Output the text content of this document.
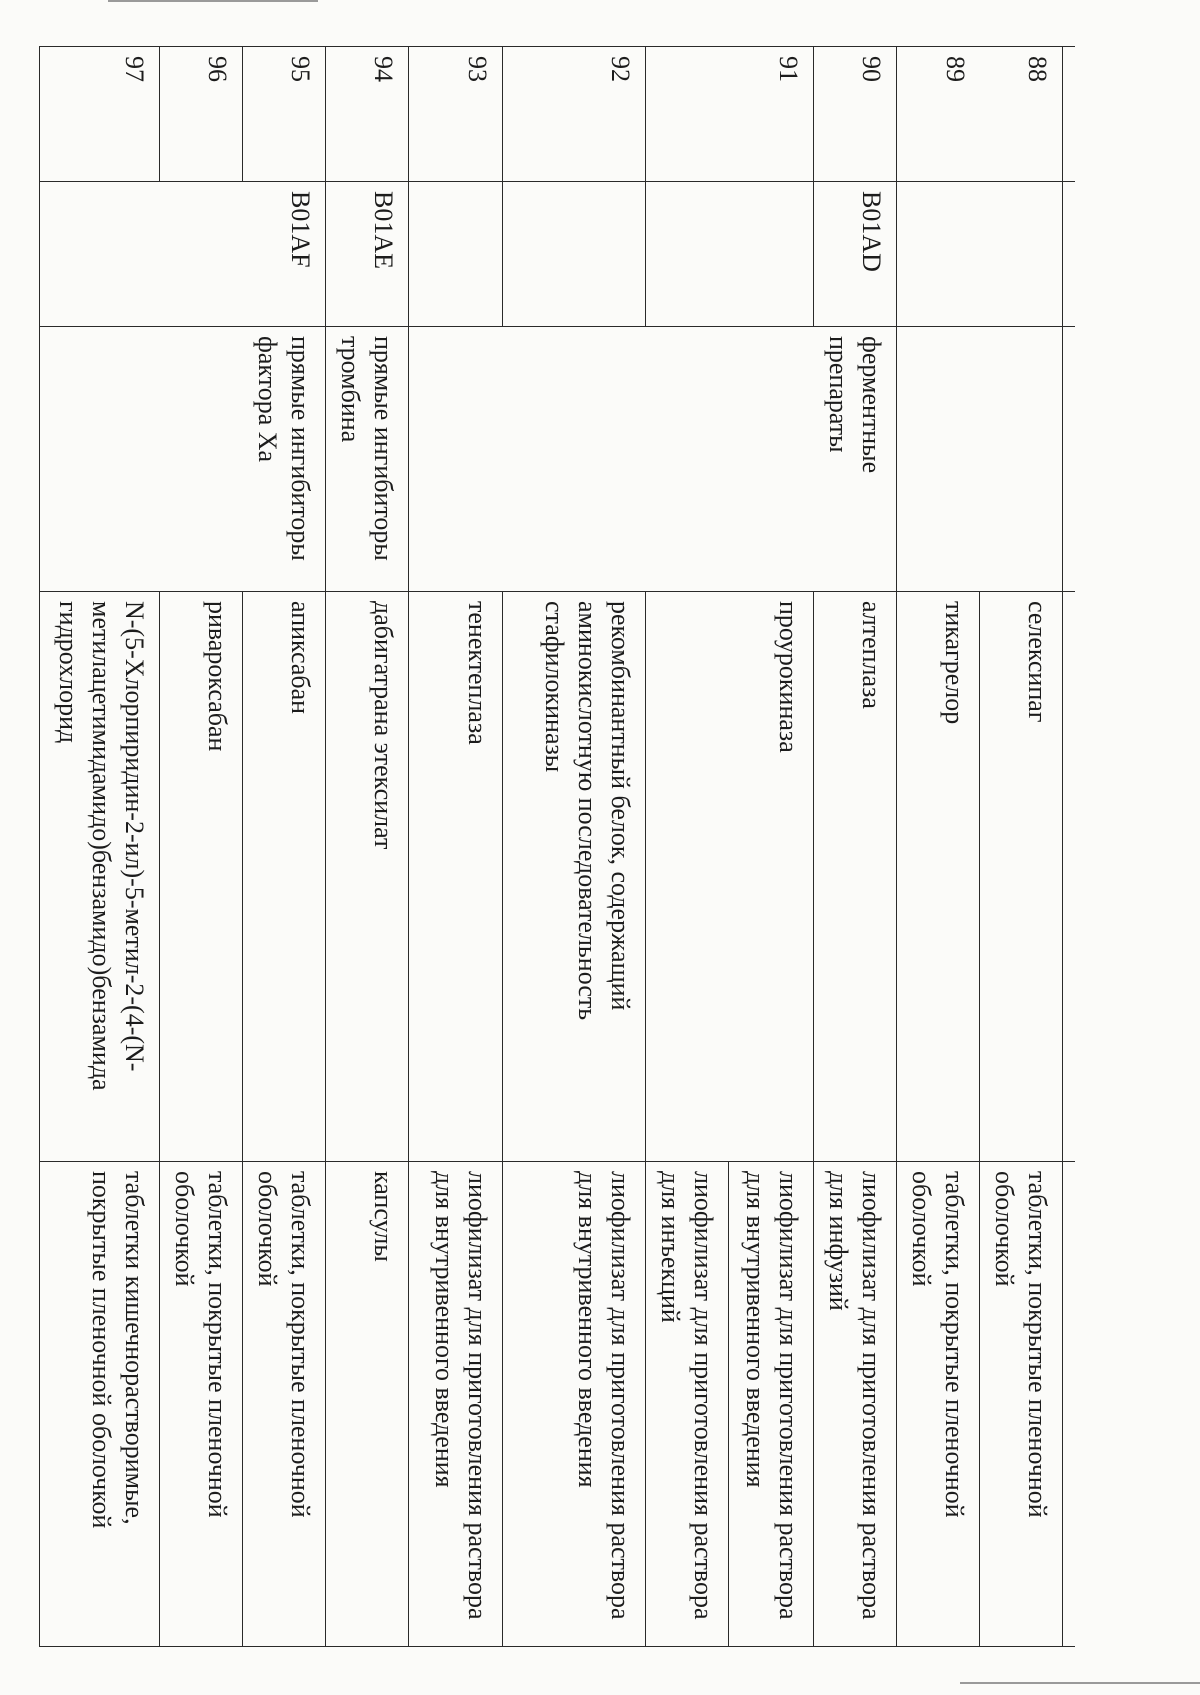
88			селексипаг	таблетки, покрытые пленочной оболочкой
89			тикагрелор	таблетки, покрытые пленочной оболочкой
90	B01AD	ферментные препараты	алтеплаза	лиофилизат для приготовления раствора для инфузий
91			проурокиназа	лиофилизат для приготовления раствора для внутривенного введения
				лиофилизат для приготовления раствора для инъекций
92			рекомбинантный белок, содержащий аминокислотную последовательность стафилокиназы	лиофилизат для приготовления раствора для внутривенного введения
93			тенектеплаза	лиофилизат для приготовления раствора для внутривенного введения
94	B01AE	прямые ингибиторы тромбина	дабигатрана этексилат	капсулы
95	B01AF	прямые ингибиторы фактора Xa	апиксабан	таблетки, покрытые пленочной оболочкой
96			ривароксабан	таблетки, покрытые пленочной оболочкой
97			N-(5-Хлорпиридин-2-ил)-5-метил-2-(4-(N-метилацетимидамидо)бензамидо)бензамида гидрохлорид	таблетки кишечнорастворимые, покрытые пленочной оболочкой
